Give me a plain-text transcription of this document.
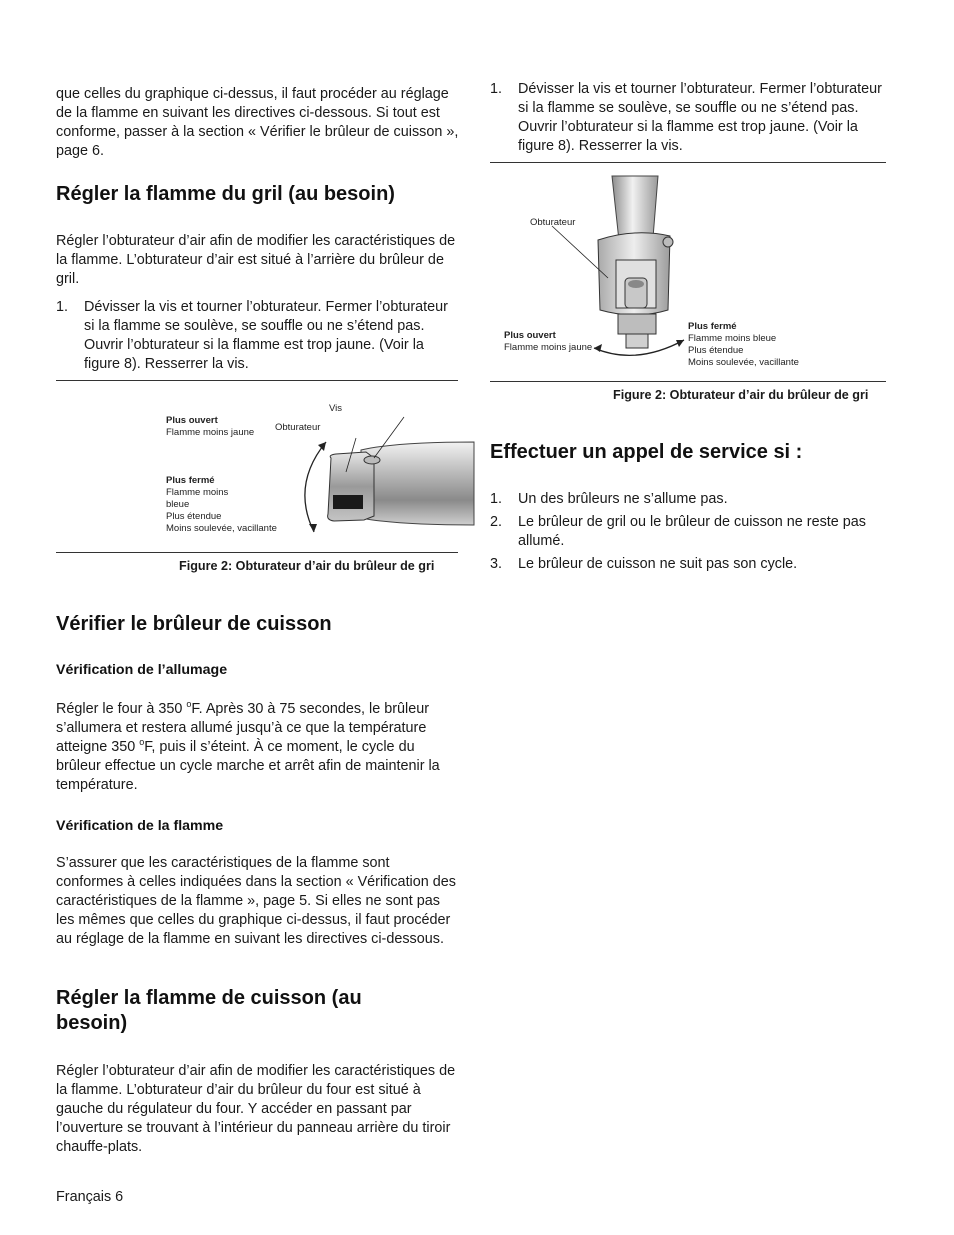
que celles du graphique ci-dessus, il faut procéder au réglage de la flamme en suivant les directives ci-dessous. Si tout est conforme, passer à la section « Vérifier le brûleur de cuisson », page 6.

Régler la flamme du gril (au besoin)

Régler l’obturateur d’air afin de modifier les caractéristiques de la flamme. L’obturateur d’air est situé à l’arrière du brûleur de gril.

1. Dévisser la vis et tourner l’obturateur. Fermer l’obturateur si la flamme se soulève, se souffle ou ne s’étend pas. Ouvrir l’obturateur si la flamme est trop jaune. (Voir la figure 8). Resserrer la vis.
Vis
Obturateur
Plus ouvert
Flamme moins jaune
Plus fermé
Flamme moins
bleue
Plus étendue
Moins soulevée, vacillante
Figure 2: Obturateur d’air du brûleur de gri
Vérifier le brûleur de cuisson
Vérification de l’allumage

Régler le four à 350 $^o$F. Après 30 à 75 secondes, le brûleur s’allumera et restera allumé jusqu’à ce que la température atteigne 350 $^o$F, puis il s’éteint. À ce moment, le cycle du brûleur effectue un cycle marche et arrêt afin de maintenir la température.

Vérification de la flamme

S’assurer que les caractéristiques de la flamme sont conformes à celles indiquées dans la section « Vérification des caractéristiques de la flamme », page 5. Si elles ne sont pas les mêmes que celles du graphique ci-dessus, il faut procéder au réglage de la flamme en suivant les directives ci-dessous.

Régler la flamme de cuisson (au besoin)

Régler l’obturateur d’air afin de modifier les caractéristiques de la flamme. L’obturateur d’air du brûleur du four est situé à gauche du régulateur du four. Y accéder en passant par l’ouverture se trouvant à l’intérieur du panneau arrière du tiroir chauffe-plats.

1. Dévisser la vis et tourner l’obturateur. Fermer l’obturateur si la flamme se soulève, se souffle ou ne s’étend pas. Ouvrir l’obturateur si la flamme est trop jaune. (Voir la figure 8). Resserrer la vis.
Obturateur
Plus ouvert
Flamme moins jaune
Plus fermé
Flamme moins bleue
Plus étendue
Moins soulevée, vacillante
Figure 2: Obturateur d’air du brûleur de gri
Effectuer un appel de service si :
1. Un des brûleurs ne s’allume pas.
2. Le brûleur de gril ou le brûleur de cuisson ne reste pas allumé.
3. Le brûleur de cuisson ne suit pas son cycle.
Français 6
